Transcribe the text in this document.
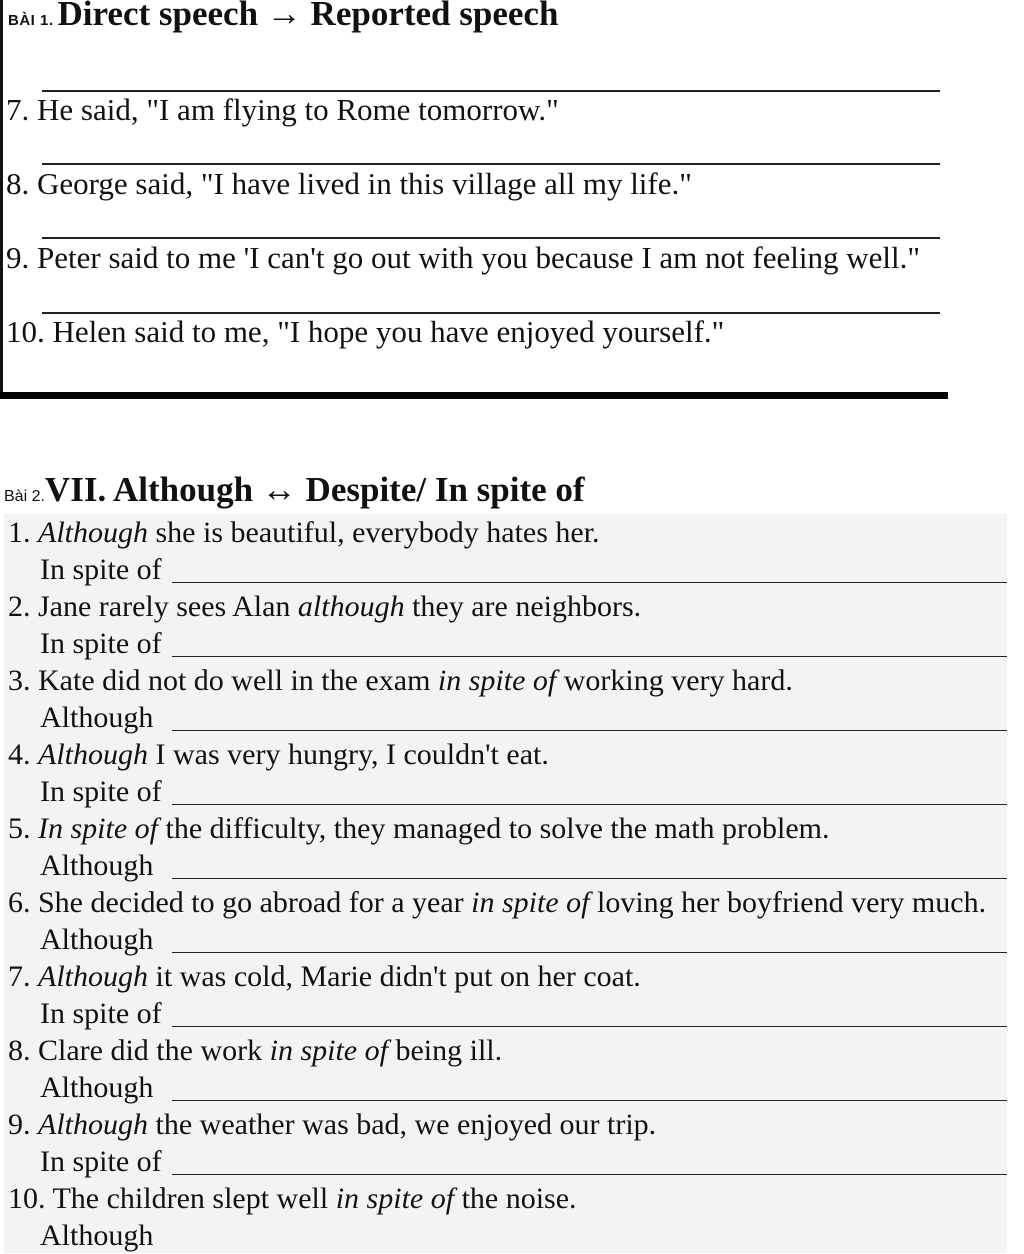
BÀI 1. Direct speech → Reported speech
7. He said, "I am flying to Rome tomorrow."
8. George said, "I have lived in this village all my life."
9. Peter said to me 'I can't go out with you because I am not feeling well."
10. Helen said to me, "I hope you have enjoyed yourself."
Bài 2.VII. Although ↔ Despite/ In spite of
1. Although she is beautiful, everybody hates her.
In spite of
2. Jane rarely sees Alan although they are neighbors.
In spite of
3. Kate did not do well in the exam in spite of working very hard.
Although
4. Although I was very hungry, I couldn't eat.
In spite of
5. In spite of the difficulty, they managed to solve the math problem.
Although
6. She decided to go abroad for a year in spite of loving her boyfriend very much.
Although
7. Although it was cold, Marie didn't put on her coat.
In spite of
8. Clare did the work in spite of being ill.
Although
9. Although the weather was bad, we enjoyed our trip.
In spite of
10. The children slept well in spite of the noise.
Although
